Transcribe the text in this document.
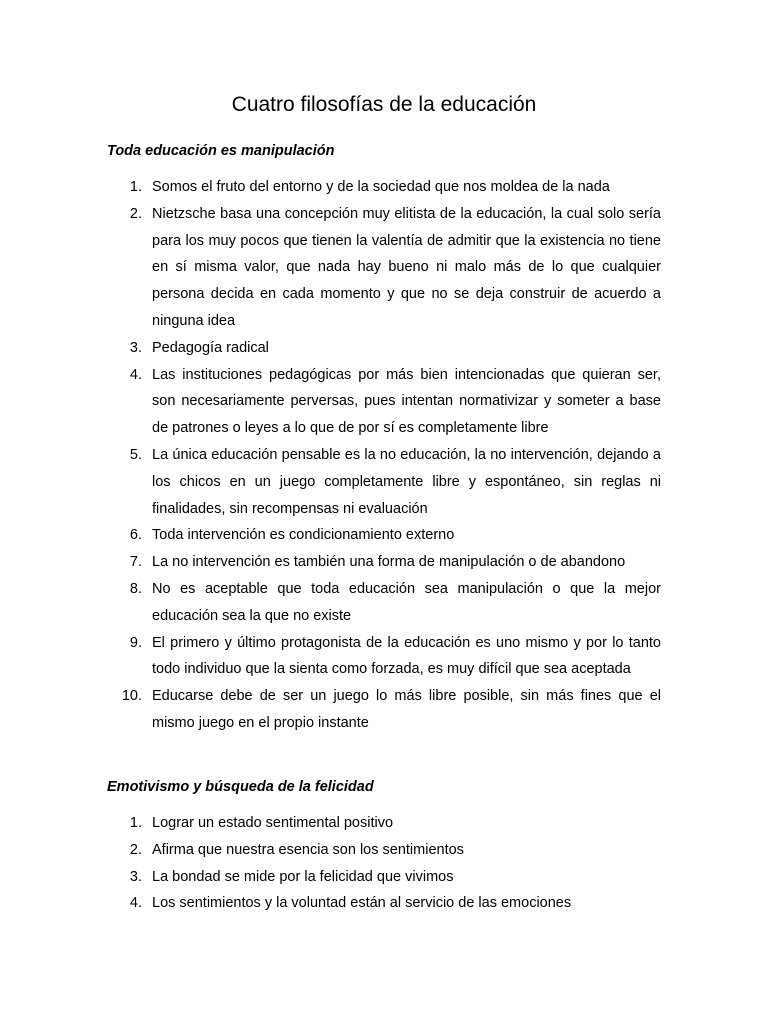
Cuatro filosofías de la educación

Toda educación es manipulación

1. Somos el fruto del entorno y de la sociedad que nos moldea de la nada
2. Nietzsche basa una concepción muy elitista de la educación, la cual solo sería para los muy pocos que tienen la valentía de admitir que la existencia no tiene en sí misma valor, que nada hay bueno ni malo más de lo que cualquier persona decida en cada momento y que no se deja construir de acuerdo a ninguna idea
3. Pedagogía radical
4. Las instituciones pedagógicas por más bien intencionadas que quieran ser, son necesariamente perversas, pues intentan normativizar y someter a base de patrones o leyes a lo que de por sí es completamente libre
5. La única educación pensable es la no educación, la no intervención, dejando a los chicos en un juego completamente libre y espontáneo, sin reglas ni finalidades, sin recompensas ni evaluación
6. Toda intervención es condicionamiento externo
7. La no intervención es también una forma de manipulación o de abandono
8. No es aceptable que toda educación sea manipulación o que la mejor educación sea la que no existe
9. El primero y último protagonista de la educación es uno mismo y por lo tanto todo individuo que la sienta como forzada, es muy difícil que sea aceptada
10. Educarse debe de ser un juego lo más libre posible, sin más fines que el mismo juego en el propio instante

Emotivismo y búsqueda de la felicidad

1. Lograr un estado sentimental positivo
2. Afirma que nuestra esencia son los sentimientos
3. La bondad se mide por la felicidad que vivimos
4. Los sentimientos y la voluntad están al servicio de las emociones
